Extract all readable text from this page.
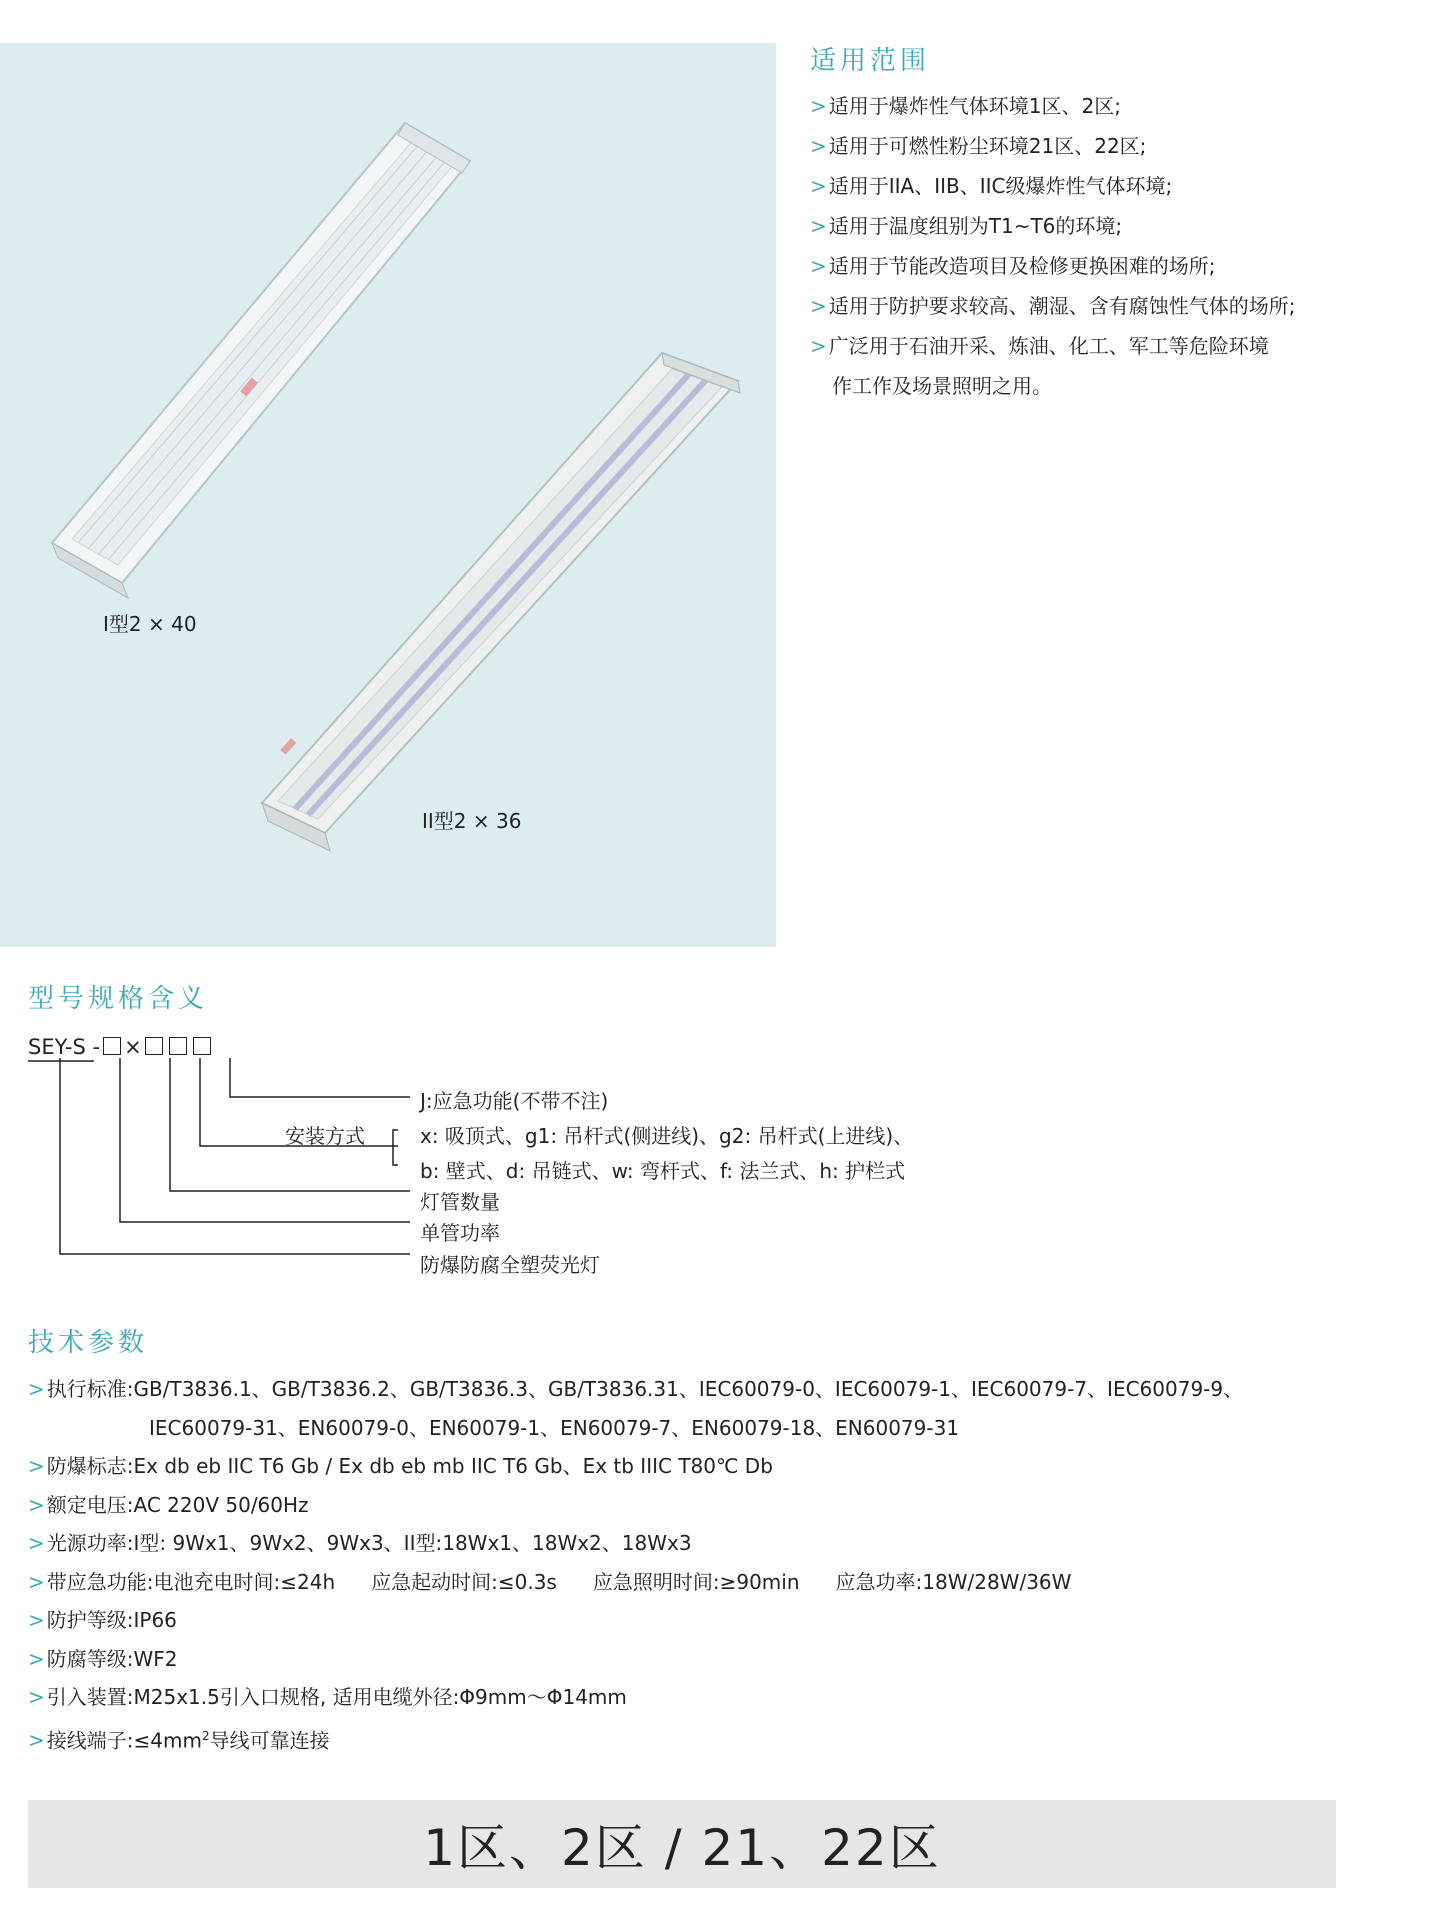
I型2 × 40
II型2 × 36
适用范围
> 适用于爆炸性气体环境1区、2区;
> 适用于可燃性粉尘环境21区、22区;
> 适用于IIA、IIB、IIC级爆炸性气体环境;
> 适用于温度组别为T1~T6的环境;
> 适用于节能改造项目及检修更换困难的场所;
> 适用于防护要求较高、潮湿、含有腐蚀性气体的场所;
> 广泛用于石油开采、炼油、化工、军工等危险环境
作工作及场景照明之用。
型号规格含义
SEY-S - ×
J:应急功能(不带不注)
安装方式	x: 吸顶式、g1: 吊杆式(侧进线)、g2: 吊杆式(上进线)、
b: 壁式、d: 吊链式、w: 弯杆式、f: 法兰式、h: 护栏式
灯管数量
单管功率
防爆防腐全塑荧光灯
技术参数
> 执行标准:GB/T3836.1、GB/T3836.2、GB/T3836.3、GB/T3836.31、IEC60079-0、IEC60079-1、IEC60079-7、IEC60079-9、
IEC60079-31、EN60079-0、EN60079-1、EN60079-7、EN60079-18、EN60079-31
> 防爆标志:Ex db eb IIC T6 Gb / Ex db eb mb IIC T6 Gb、Ex tb IIIC T80℃ Db
> 额定电压:AC 220V 50/60Hz
> 光源功率:I型: 9Wx1、9Wx2、9Wx3、II型:18Wx1、18Wx2、18Wx3
> 带应急功能:电池充电时间:≤24h 应急起动时间:≤0.3s 应急照明时间:≥90min 应急功率:18W/28W/36W
> 防护等级:IP66
> 防腐等级:WF2
> 引入装置:M25x1.5引入口规格, 适用电缆外径:Φ9mm～Φ14mm
> 接线端子$:\le 4mm^2$导线可靠连接
1区、2区 / 21、22区
